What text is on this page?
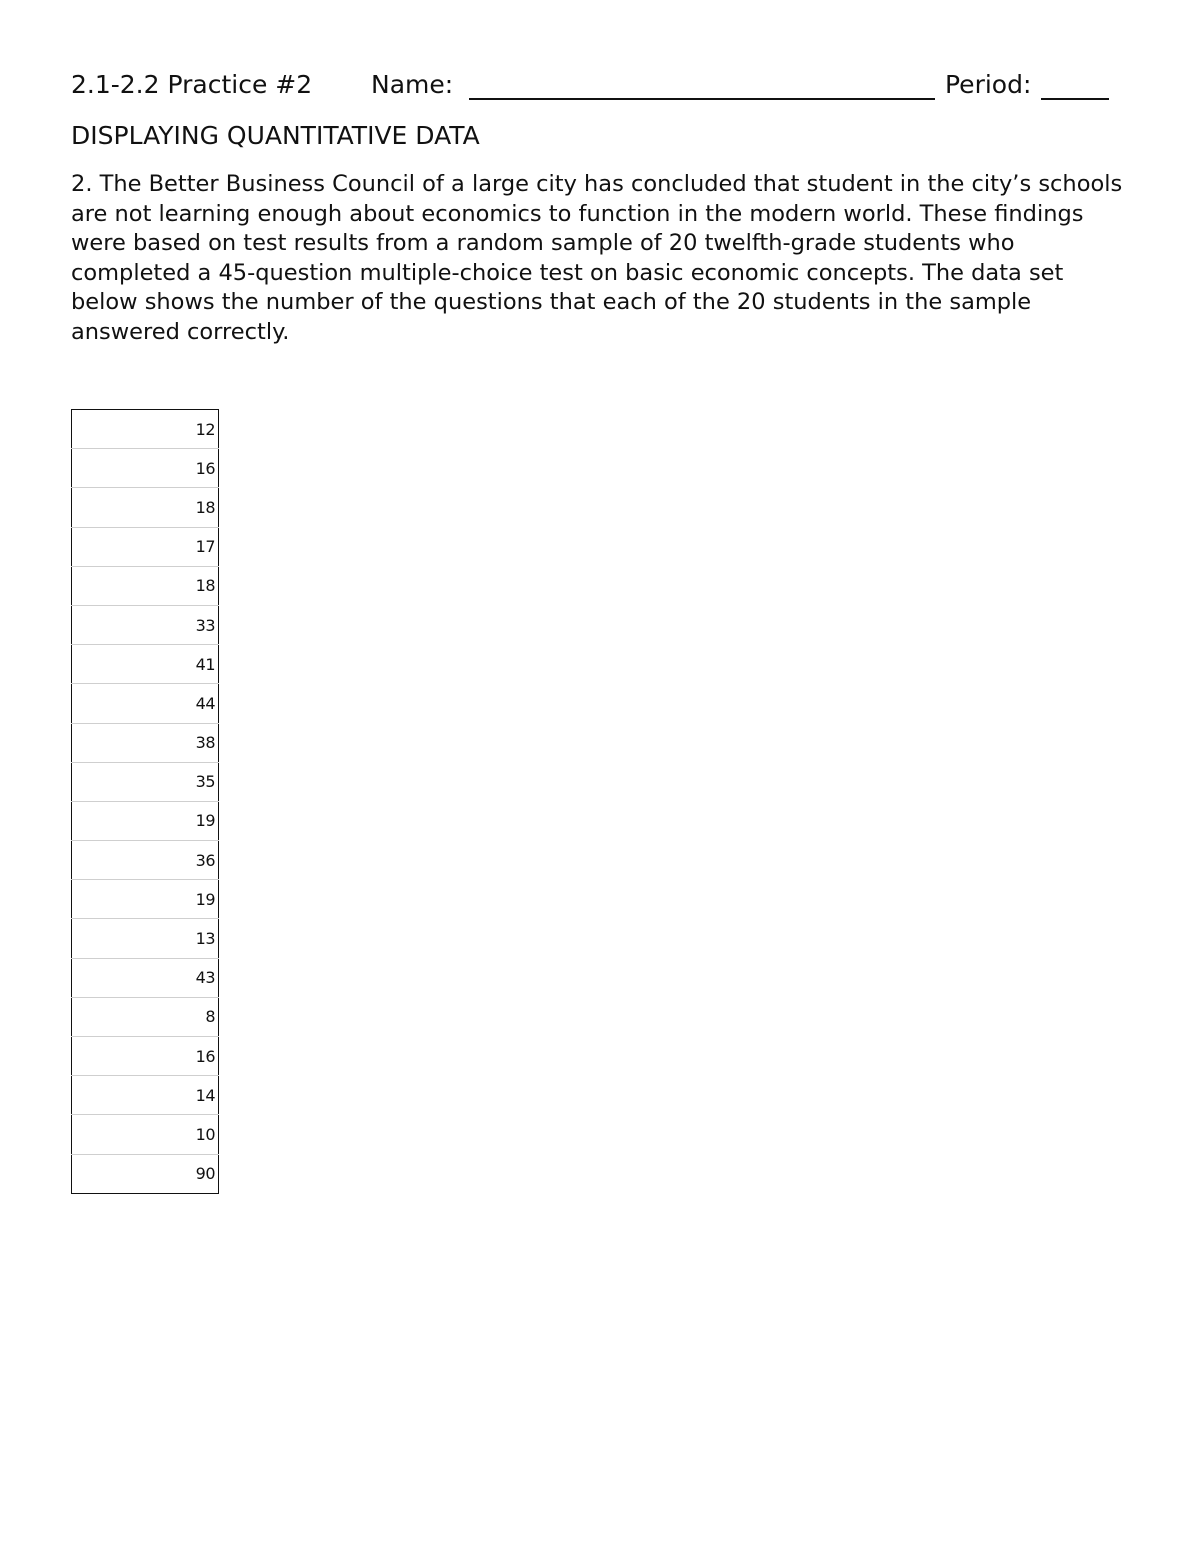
2.1-2.2 Practice #2 Name:	Period:
DISPLAYING QUANTITATIVE DATA

2. The Better Business Council of a large city has concluded that student in the city’s schools are not learning enough about economics to function in the modern world. These findings were based on test results from a random sample of 20 twelfth-grade students who completed a 45-question multiple-choice test on basic economic concepts. The data set below shows the number of the questions that each of the 20 students in the sample answered correctly.

12
16
18
17
18
33
41
44
38
35
19
36
19
13
43
8
16
14
10
90
